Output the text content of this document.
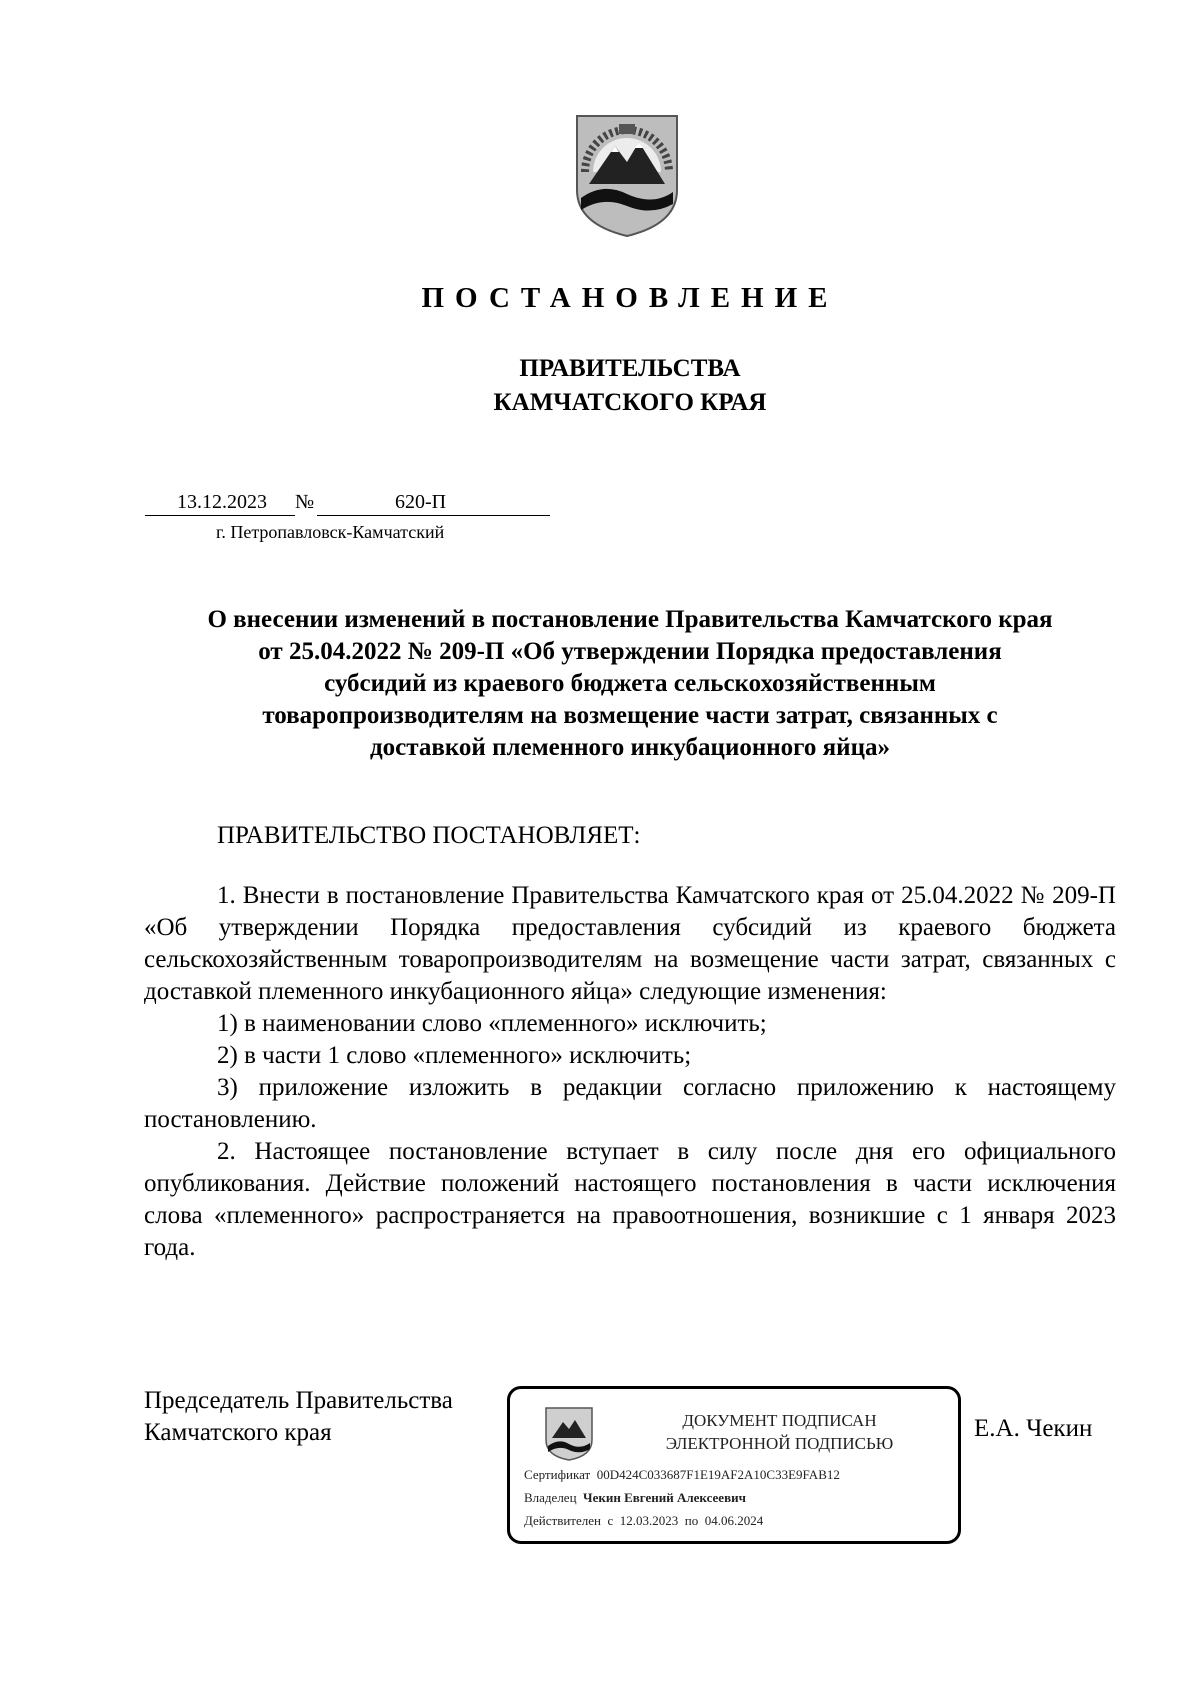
ПОСТАНОВЛЕНИЕ
ПРАВИТЕЛЬСТВА
КАМЧАТСКОГО КРАЯ
13.12.2023 №	620-П
г. Петропавловск-Камчатский
О внесении изменений в постановление Правительства Камчатского края
от 25.04.2022 № 209-П «Об утверждении Порядка предоставления
субсидий из краевого бюджета сельскохозяйственным
товаропроизводителям на возмещение части затрат, связанных с
доставкой племенного инкубационного яйца»
ПРАВИТЕЛЬСТВО ПОСТАНОВЛЯЕТ:

1. Внести в постановление Правительства Камчатского края от 25.04.2022 № 209-П «Об утверждении Порядка предоставления субсидий из краевого бюджета сельскохозяйственным товаропроизводителям на возмещение части затрат, связанных с доставкой племенного инкубационного яйца» следующие изменения:

1) в наименовании слово «племенного» исключить;

2) в части 1 слово «племенного» исключить;

3) приложение изложить в редакции согласно приложению к настоящему постановлению.

2. Настоящее постановление вступает в силу после дня его официального опубликования. Действие положений настоящего постановления в части исключения слова «племенного» распространяется на правоотношения, возникшие с 1 января 2023 года.

Председатель Правительства
Камчатского края	ДОКУМЕНТ ПОДПИСАН
ЭЛЕКТРОННОЙ ПОДПИСЬЮ
Сертификат 00D424C033687F1E19AF2A10C33E9FAB12
Владелец Чекин Евгений Алексеевич
Действителен с 12.03.2023 по 04.06.2024
Е.А. Чекин
